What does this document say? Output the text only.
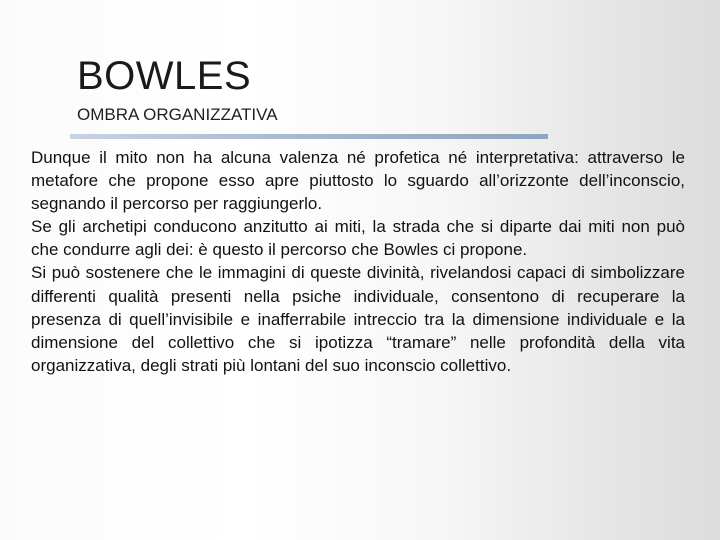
BOWLES
OMBRA ORGANIZZATIVA

Dunque il mito non ha alcuna valenza né profetica né interpretativa: attraverso le metafore che propone esso apre piuttosto lo sguardo all’orizzonte dell’inconscio, segnando il percorso per raggiungerlo.

Se gli archetipi conducono anzitutto ai miti, la strada che si diparte dai miti non può che condurre agli dei: è questo il percorso che Bowles ci propone.

Si può sostenere che le immagini di queste divinità, rivelandosi capaci di simbolizzare differenti qualità presenti nella psiche individuale, consentono di recuperare la presenza di quell’invisibile e inafferrabile intreccio tra la dimensione individuale e la dimensione del collettivo che si ipotizza “tramare” nelle profondità della vita organizzativa, degli strati più lontani del suo inconscio collettivo.
